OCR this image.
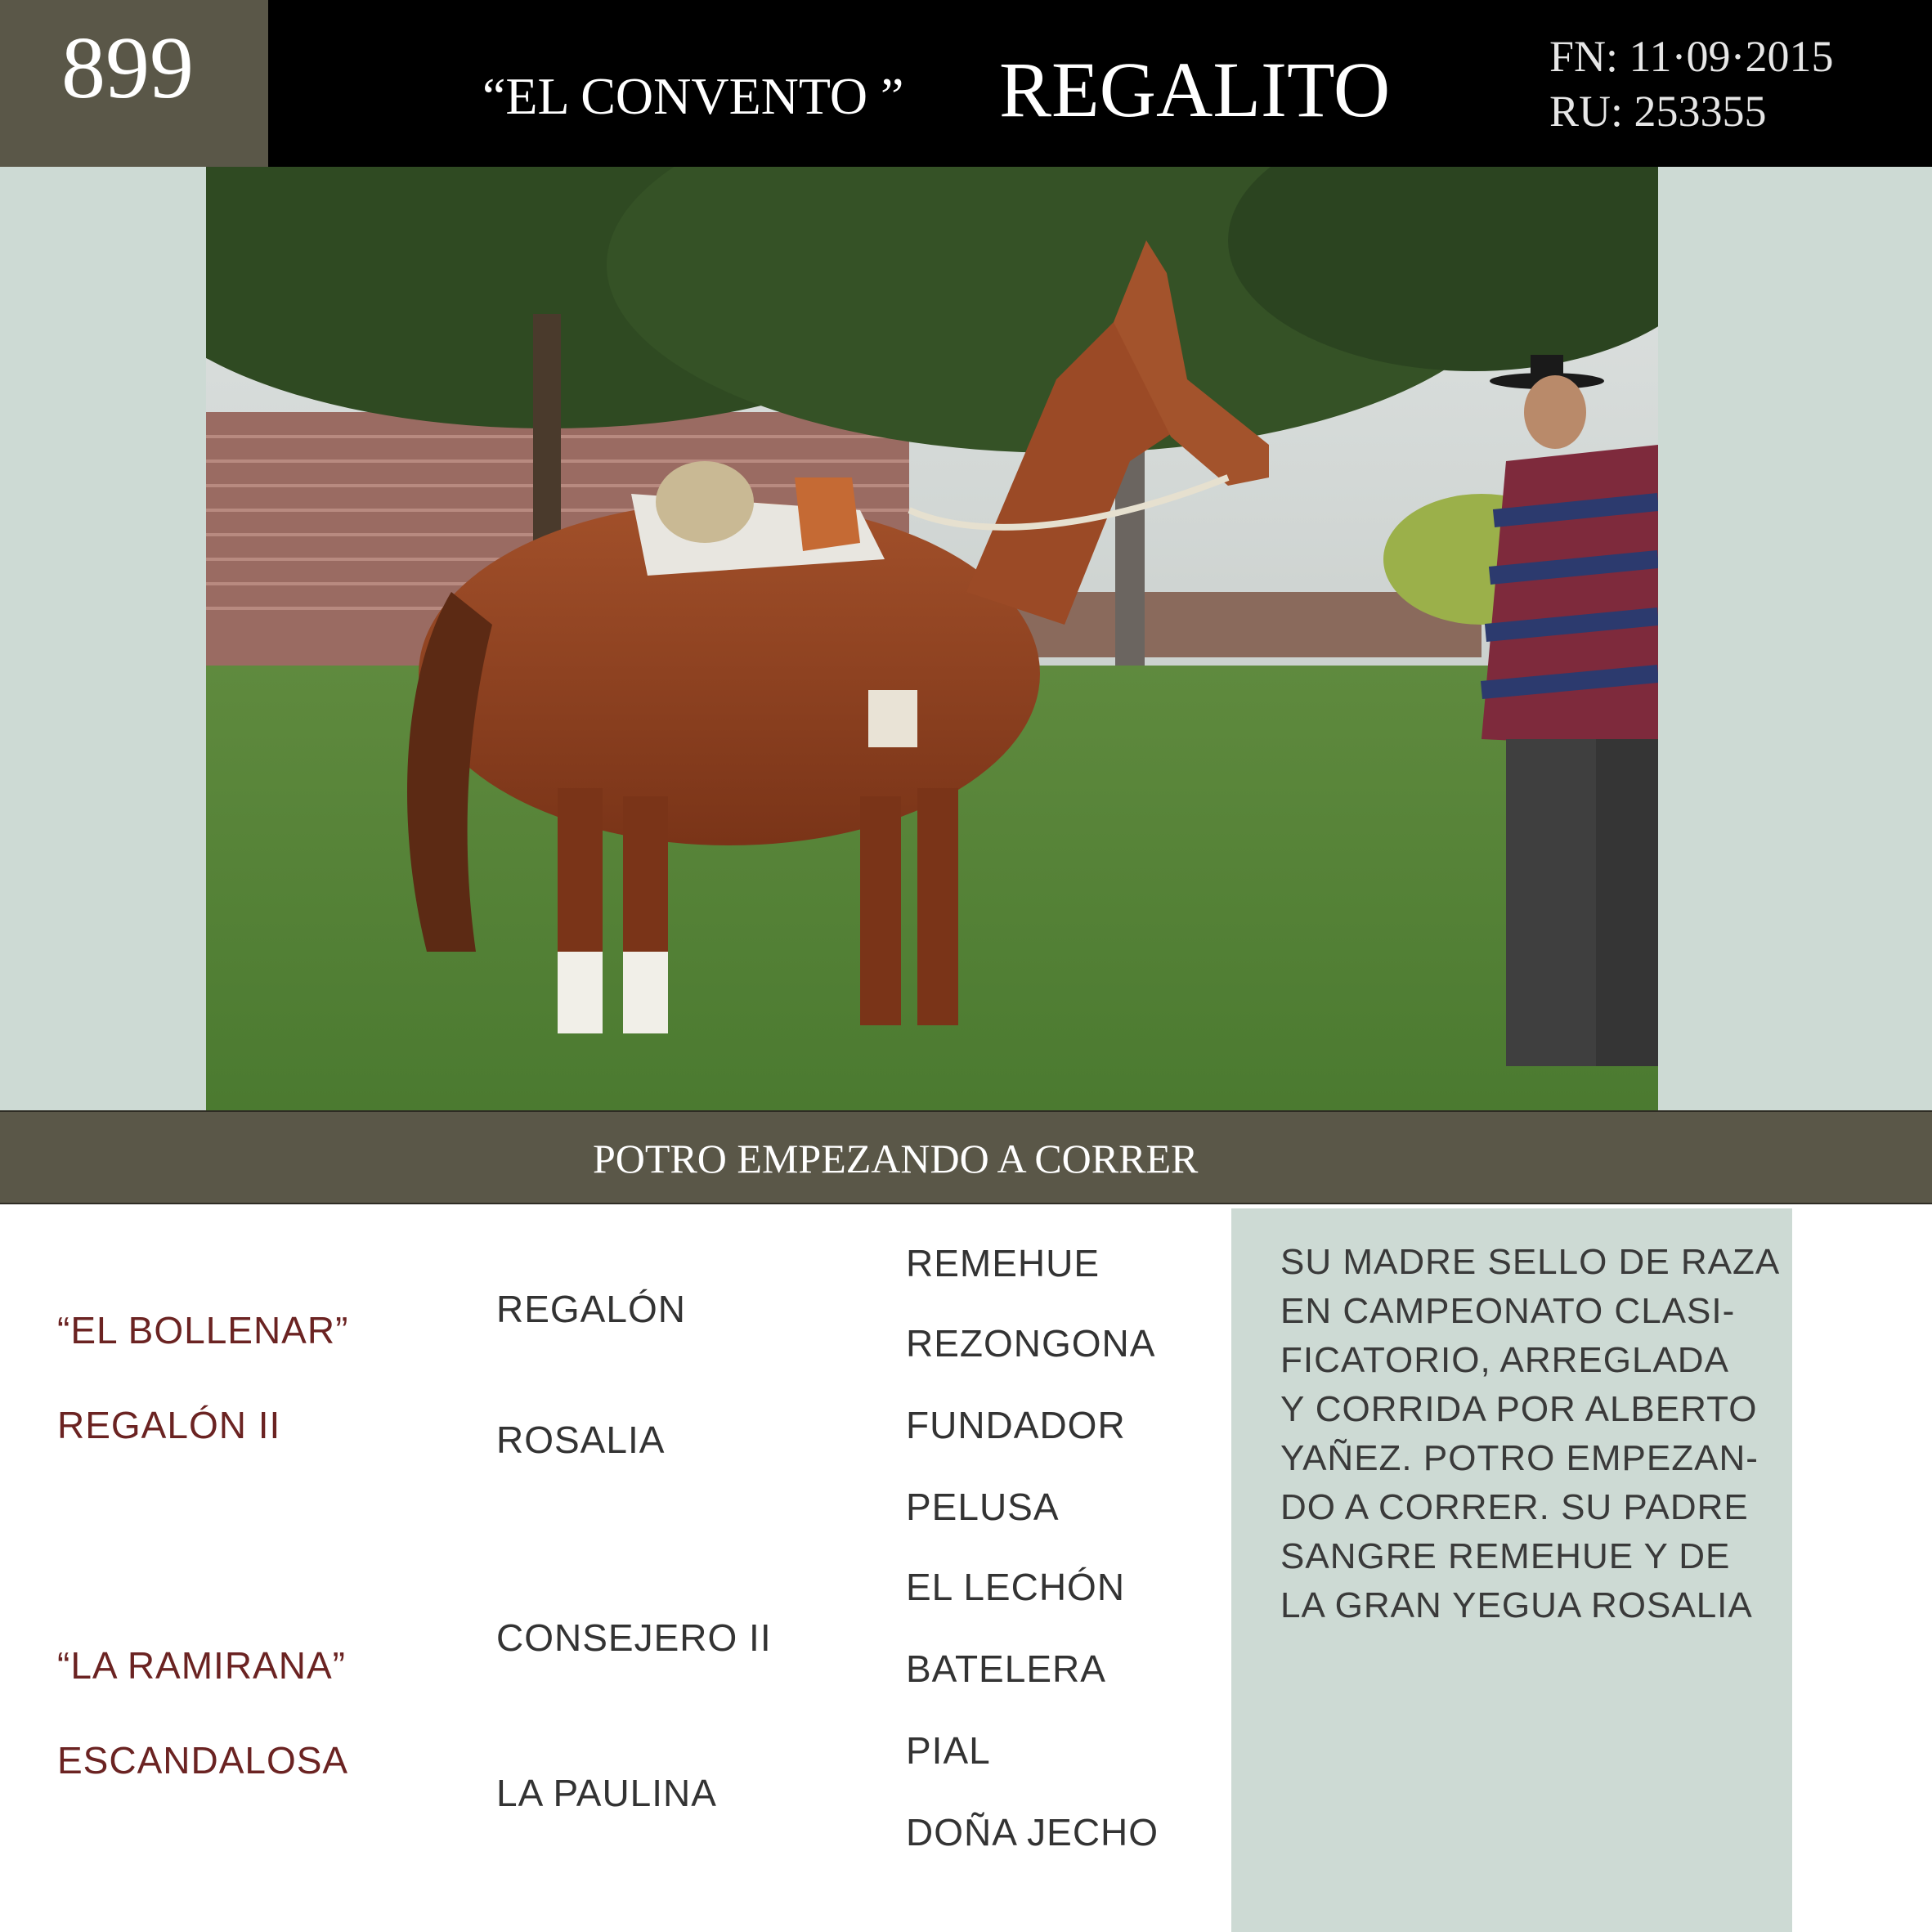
899	“EL CONVENTO ” REGALITO	FN: 11·09·2015
RU: 253355
POTRO EMPEZANDO A CORRER
“EL BOLLENAR”
REGALÓN II
“LA RAMIRANA”
ESCANDALOSA
REGALÓN
ROSALIA
CONSEJERO II
LA PAULINA
REMEHUE
REZONGONA
FUNDADOR
PELUSA
EL LECHÓN
BATELERA
PIAL
DOÑA JECHO
SU MADRE SELLO DE RAZA
EN CAMPEONATO CLASI-
FICATORIO, ARREGLADA
Y CORRIDA POR ALBERTO
YAÑEZ. POTRO EMPEZAN-
DO A CORRER. SU PADRE
SANGRE REMEHUE Y DE
LA GRAN YEGUA ROSALIA
